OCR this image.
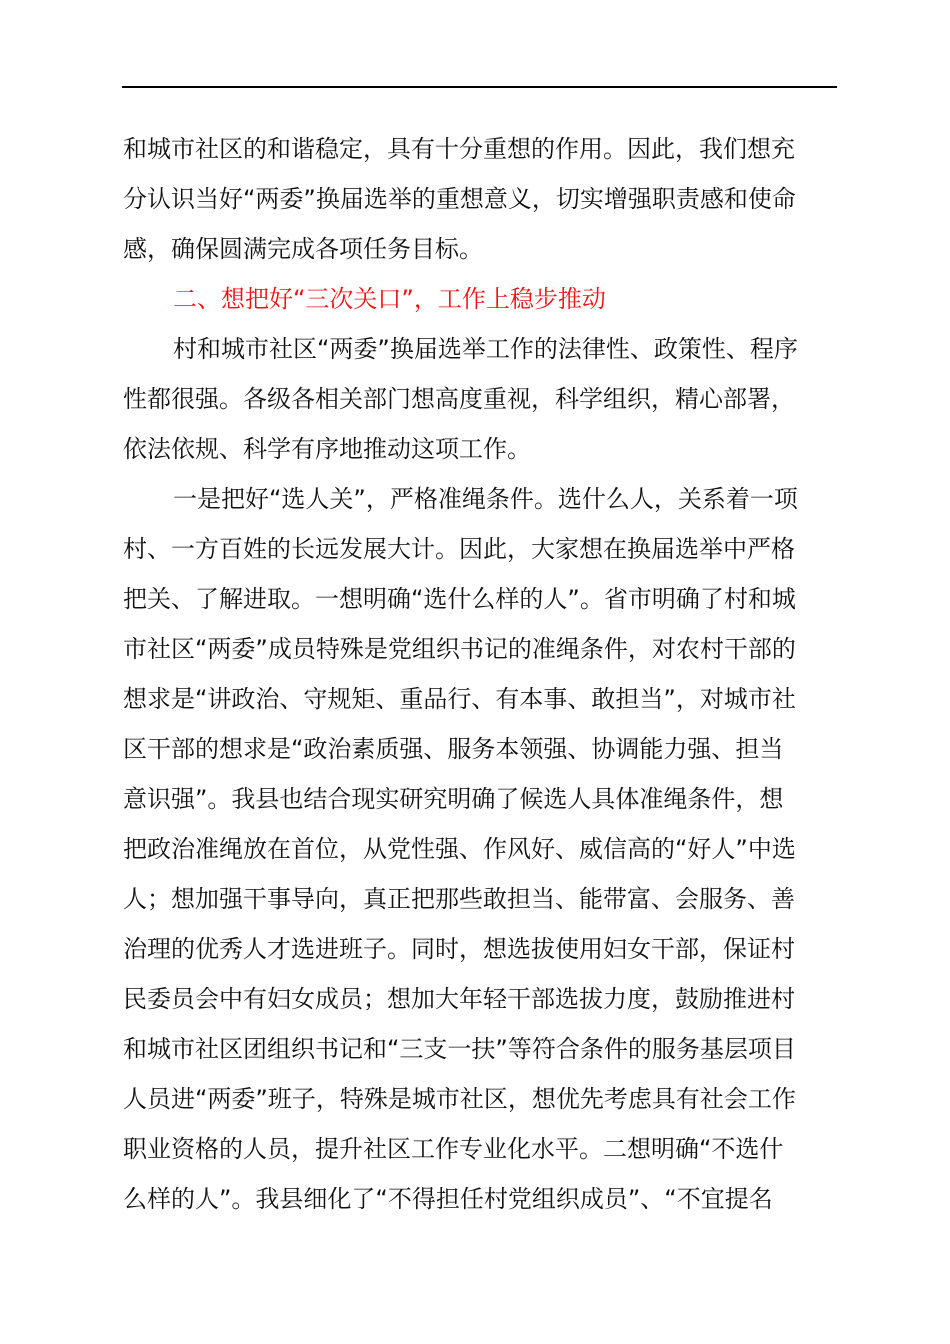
和城市社区的和谐稳定，具有十分重想的作用。因此，我们想充
分认识当好“两委”换届选举的重想意义，切实增强职责感和使命
感，确保圆满完成各项任务目标。
二、想把好“三次关口”，工作上稳步推动
村和城市社区“两委”换届选举工作的法律性、政策性、程序
性都很强。各级各相关部门想高度重视，科学组织，精心部署，
依法依规、科学有序地推动这项工作。
一是把好“选人关”，严格准绳条件。选什么人，关系着一项
村、一方百姓的长远发展大计。因此，大家想在换届选举中严格
把关、了解进取。一想明确“选什么样的人”。省市明确了村和城
市社区“两委”成员特殊是党组织书记的准绳条件，对农村干部的
想求是“讲政治、守规矩、重品行、有本事、敢担当”，对城市社
区干部的想求是“政治素质强、服务本领强、协调能力强、担当
意识强”。我县也结合现实研究明确了候选人具体准绳条件，想
把政治准绳放在首位，从党性强、作风好、威信高的“好人”中选
人；想加强干事导向，真正把那些敢担当、能带富、会服务、善
治理的优秀人才选进班子。同时，想选拔使用妇女干部，保证村
民委员会中有妇女成员；想加大年轻干部选拔力度，鼓励推进村
和城市社区团组织书记和“三支一扶”等符合条件的服务基层项目
人员进“两委”班子，特殊是城市社区，想优先考虑具有社会工作
职业资格的人员，提升社区工作专业化水平。二想明确“不选什
么样的人”。我县细化了“不得担任村党组织成员”、“不宜提名
